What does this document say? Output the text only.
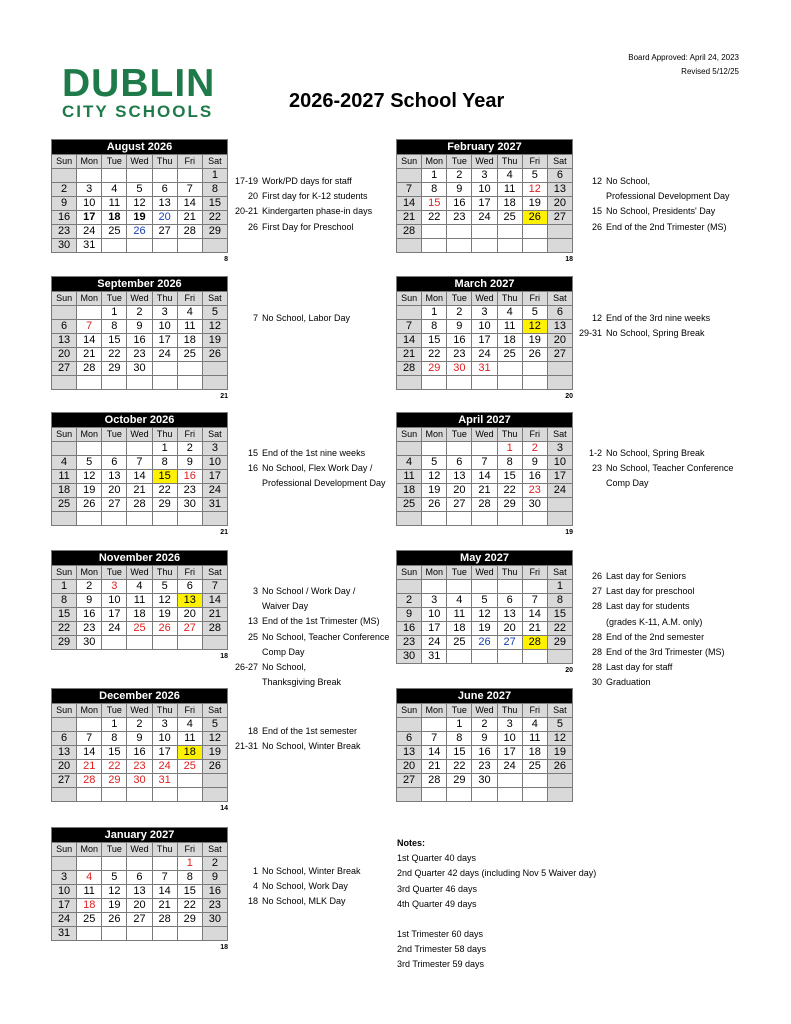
DUBLIN
CITY SCHOOLS	2026-2027 School Year
Board Approved: April 24, 2023
Revised 5/12/25
August 2026						
Sun	Mon	Tue	Wed	Thu	Fri	Sat
						1
2	3	4	5	6	7	8
9	10	11	12	13	14	15
16	17	18	19	20	21	22
23	24	25	26	27	28	29
30	31					
8
September 2026						
Sun	Mon	Tue	Wed	Thu	Fri	Sat
		1	2	3	4	5
6	7	8	9	10	11	12
13	14	15	16	17	18	19
20	21	22	23	24	25	26
27	28	29	30			

21
October 2026						
Sun	Mon	Tue	Wed	Thu	Fri	Sat
				1	2	3
4	5	6	7	8	9	10
11	12	13	14	15	16	17
18	19	20	21	22	23	24
25	26	27	28	29	30	31

21
November 2026						
Sun	Mon	Tue	Wed	Thu	Fri	Sat
1	2	3	4	5	6	7
8	9	10	11	12	13	14
15	16	17	18	19	20	21
22	23	24	25	26	27	28
29	30					
18
December 2026						
Sun	Mon	Tue	Wed	Thu	Fri	Sat
		1	2	3	4	5
6	7	8	9	10	11	12
13	14	15	16	17	18	19
20	21	22	23	24	25	26
27	28	29	30	31		

14
January 2027						
Sun	Mon	Tue	Wed	Thu	Fri	Sat
					1	2
3	4	5	6	7	8	9
10	11	12	13	14	15	16
17	18	19	20	21	22	23
24	25	26	27	28	29	30
31						
18
February 2027						
Sun	Mon	Tue	Wed	Thu	Fri	Sat
	1	2	3	4	5	6
7	8	9	10	11	12	13
14	15	16	17	18	19	20
21	22	23	24	25	26	27
28						

18
March 2027						
Sun	Mon	Tue	Wed	Thu	Fri	Sat
	1	2	3	4	5	6
7	8	9	10	11	12	13
14	15	16	17	18	19	20
21	22	23	24	25	26	27
28	29	30	31			

20
April 2027						
Sun	Mon	Tue	Wed	Thu	Fri	Sat
				1	2	3
4	5	6	7	8	9	10
11	12	13	14	15	16	17
18	19	20	21	22	23	24
25	26	27	28	29	30	

19
May 2027						
Sun	Mon	Tue	Wed	Thu	Fri	Sat
						1
2	3	4	5	6	7	8
9	10	11	12	13	14	15
16	17	18	19	20	21	22
23	24	25	26	27	28	29
30	31					
20
June 2027						
Sun	Mon	Tue	Wed	Thu	Fri	Sat
		1	2	3	4	5
6	7	8	9	10	11	12
13	14	15	16	17	18	19
20	21	22	23	24	25	26
27	28	29	30			

17-19 Work/PD days for staff
20 First day for K-12 students
20-21 Kindergarten phase-in days
26 First Day for Preschool
7 No School, Labor Day
15 End of the 1st nine weeks
16 No School, Flex Work Day /
Professional Development Day
3 No School / Work Day /
Waiver Day
13 End of the 1st Trimester (MS)
25 No School, Teacher Conference
Comp Day
26-27 No School,
Thanksgiving Break
18 End of the 1st semester
21-31 No School, Winter Break
1 No School, Winter Break
4 No School, Work Day
18 No School, MLK Day
12 No School,
Professional Development Day
15 No School, Presidents' Day
26 End of the 2nd Trimester (MS)
12 End of the 3rd nine weeks
29-31 No School, Spring Break
1-2 No School, Spring Break
23 No School, Teacher Conference
Comp Day
26 Last day for Seniors
27 Last day for preschool
28 Last day for students
(grades K-11, A.M. only)
28 End of the 2nd semester
28 End of the 3rd Trimester (MS)
28 Last day for staff
30 Graduation
Notes:
1st Quarter 40 days
2nd Quarter 42 days (including Nov 5 Waiver day)
3rd Quarter 46 days
4th Quarter 49 days
1st Trimester 60 days
2nd Trimester 58 days
3rd Trimester 59 days
